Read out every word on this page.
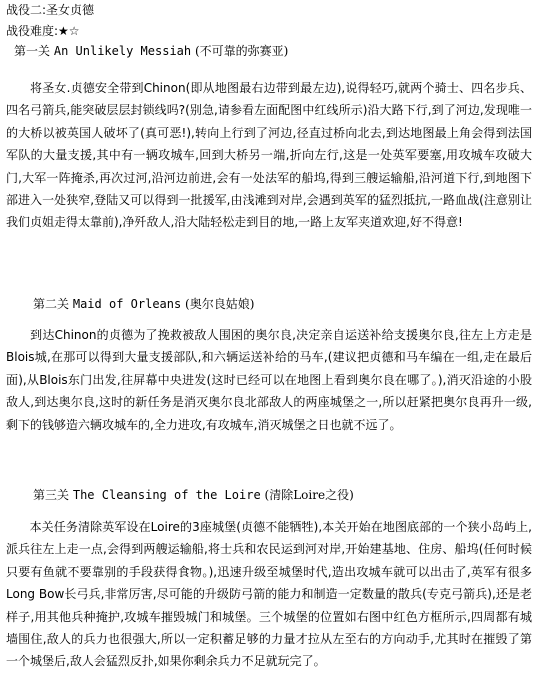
战役二:圣女贞德
战役难度:★☆
第一关 An Unlikely Messiah (不可靠的弥赛亚)

将圣女.贞德安全带到Chinon(即从地图最右边带到最左边),说得轻巧,就两个骑士、四名步兵、四名弓箭兵,能突破层层封锁线吗?(别急,请参看左面配图中红线所示)沿大路下行,到了河边,发现唯一的大桥以被英国人破坏了(真可恶!),转向上行到了河边,径直过桥向北去,到达地图最上角会得到法国军队的大量支援,其中有一辆攻城车,回到大桥另一端,折向左行,这是一处英军要塞,用攻城车攻破大门,大军一阵掩杀,再次过河,沿河边前进,会有一处法军的船坞,得到三艘运输船,沿河道下行,到地图下部进入一处狭窄,登陆又可以得到一批援军,由浅滩到对岸,会遇到英军的猛烈抵抗,一路血战(注意别让我们贞姐走得太靠前),净歼敌人,沿大陆轻松走到目的地,一路上友军夹道欢迎,好不得意!

第二关 Maid of Orleans (奥尔良姑娘)

到达Chinon的贞德为了挽救被敌人围困的奥尔良,决定亲自运送补给支援奥尔良,往左上方走是Blois城,在那可以得到大量支援部队,和六辆运送补给的马车,(建议把贞德和马车编在一组,走在最后面),从Blois东门出发,往屏幕中央进发(这时已经可以在地图上看到奥尔良在哪了。),消灭沿途的小股敌人,到达奥尔良,这时的新任务是消灭奥尔良北部敌人的两座城堡之一,所以赶紧把奥尔良再升一级,剩下的钱够造六辆攻城车的,全力进攻,有攻城车,消灭城堡之日也就不远了。

第三关 The Cleansing of the Loire (清除Loire之役)

本关任务清除英军设在Loire的3座城堡(贞德不能牺牲),本关开始在地图底部的一个狭小岛屿上,派兵往左上走一点,会得到两艘运输船,将士兵和农民运到河对岸,开始建基地、住房、船坞(任何时候只要有鱼就不要靠别的手段获得食物。),迅速升级至城堡时代,造出攻城车就可以出击了,英军有很多Long Bow长弓兵,非常厉害,尽可能的升级防弓箭的能力和制造一定数量的散兵(专克弓箭兵),还是老样子,用其他兵种掩护,攻城车摧毁城门和城堡。三个城堡的位置如右图中红色方框所示,四周都有城墙围住,敌人的兵力也很强大,所以一定积蓄足够的力量才拉从左至右的方向动手,尤其时在摧毁了第一个城堡后,敌人会猛烈反扑,如果你剩余兵力不足就玩完了。
